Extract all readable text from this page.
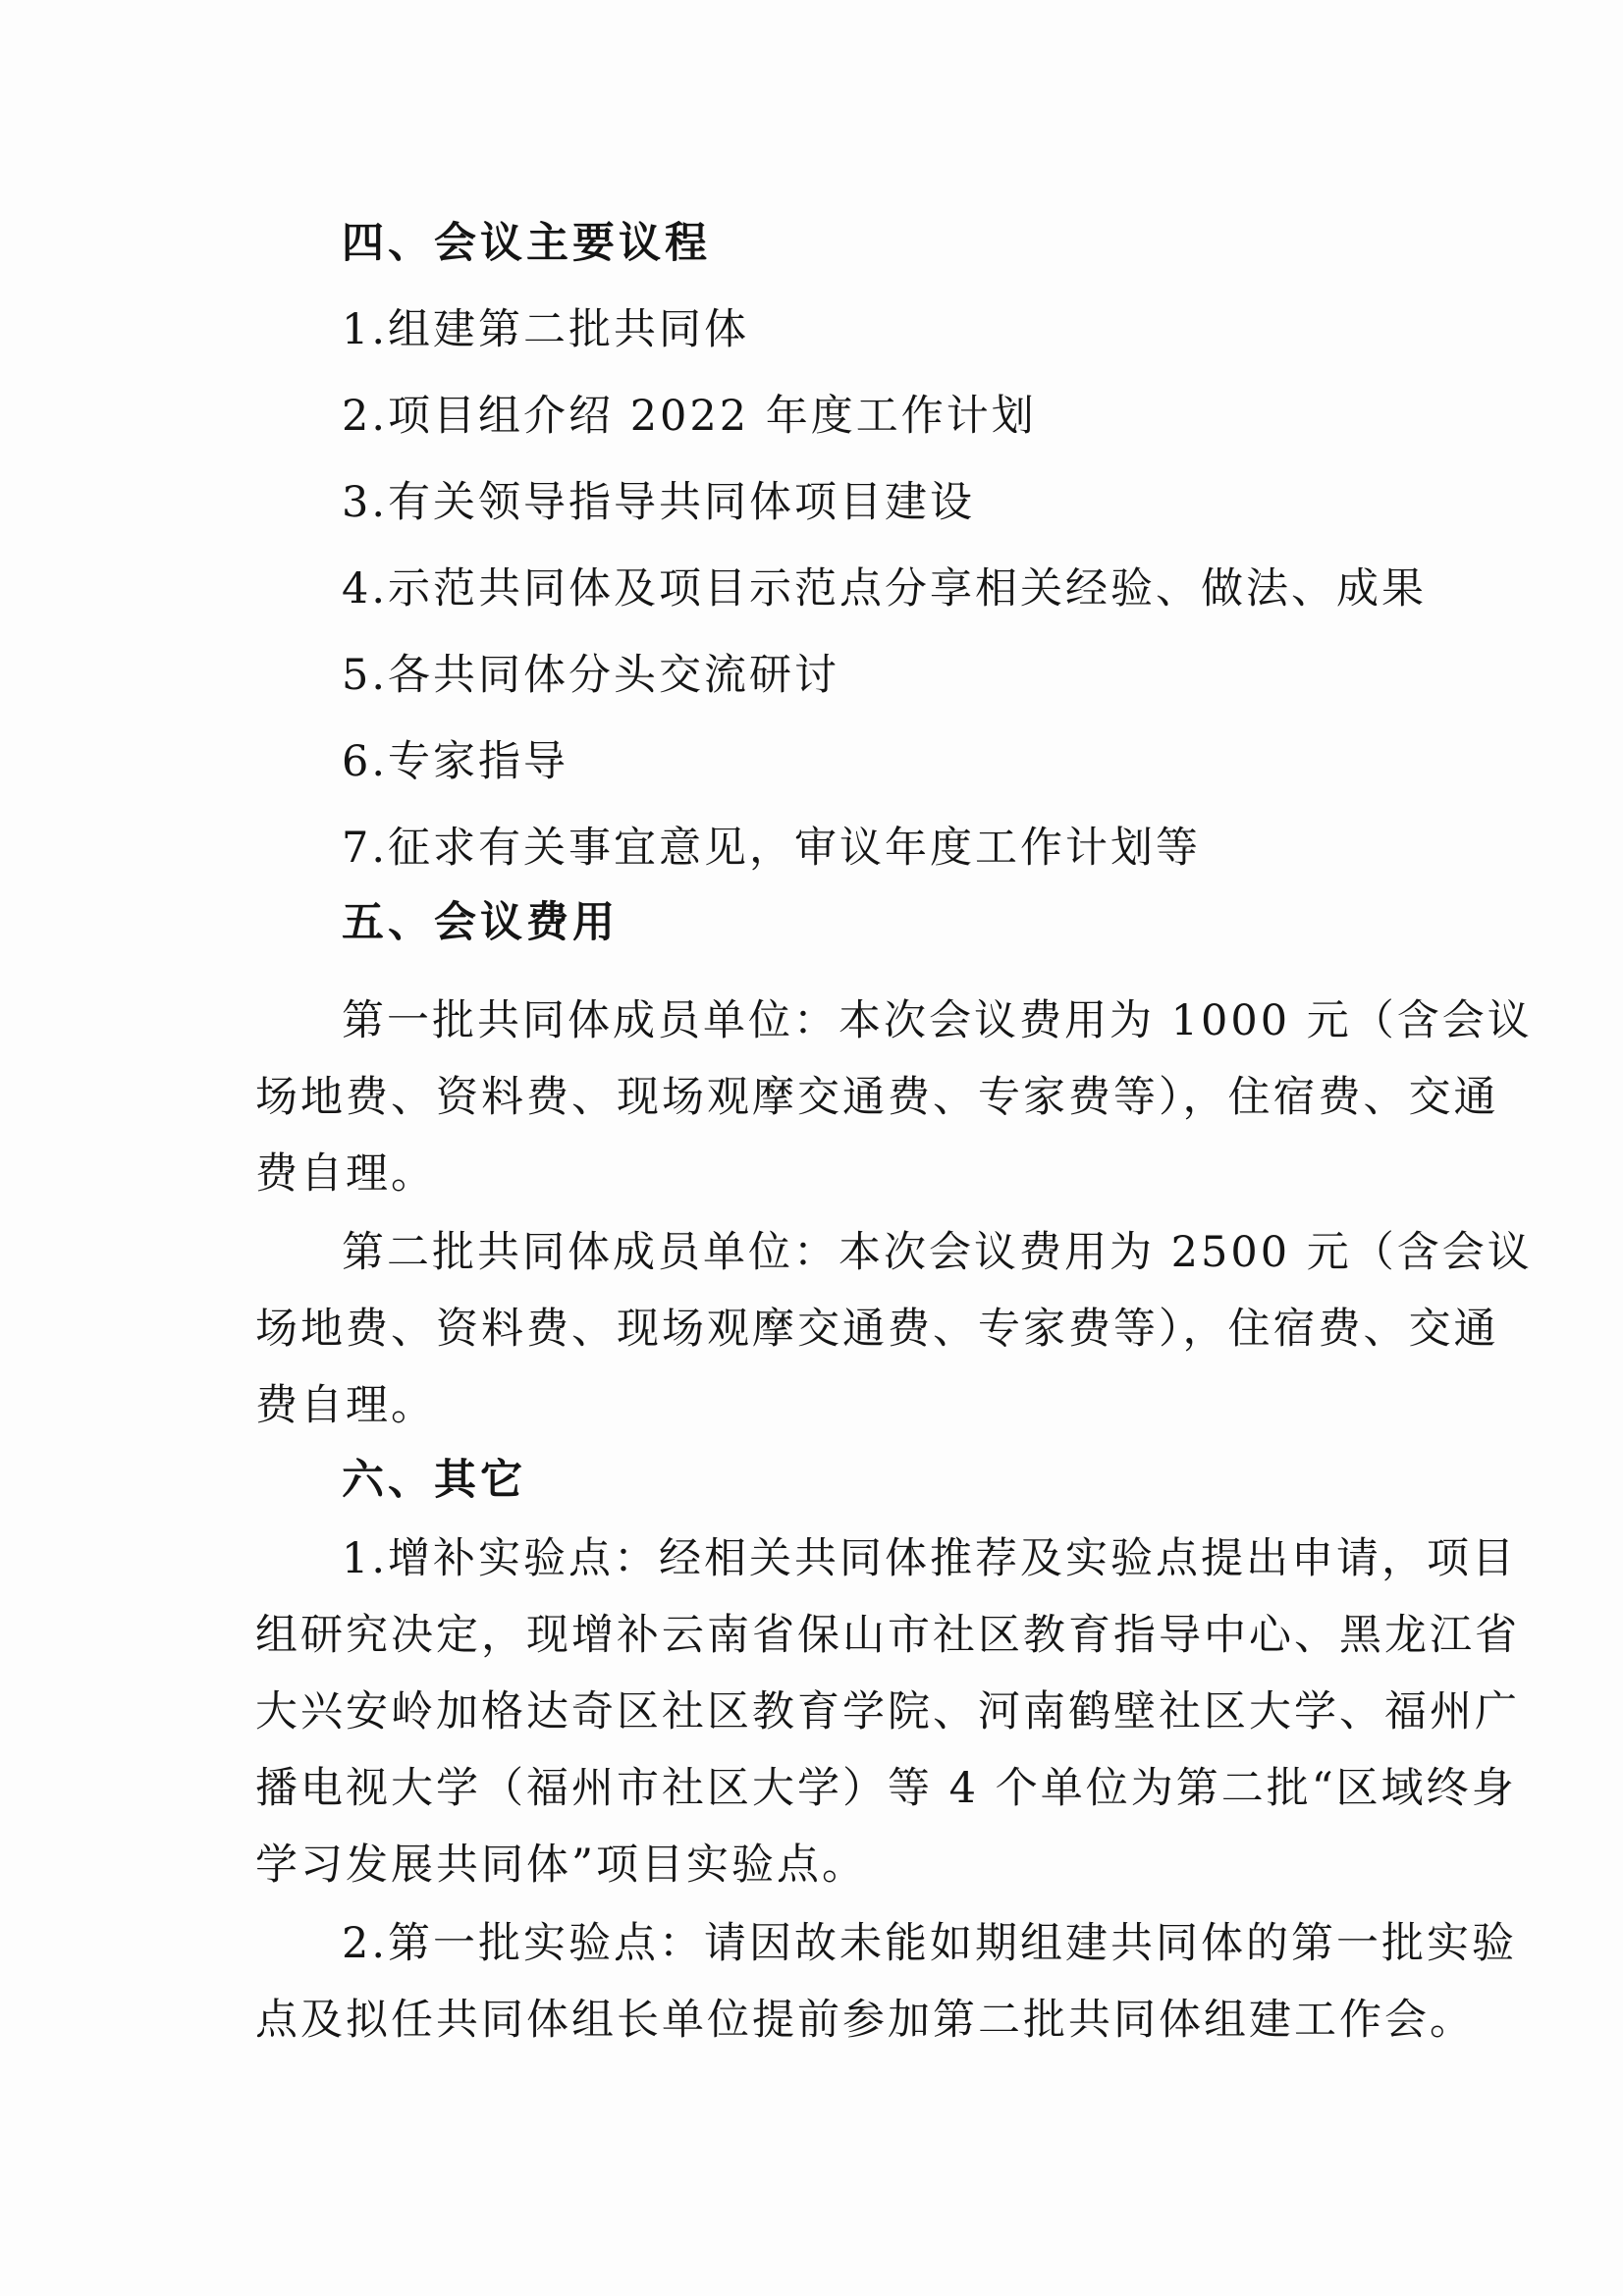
四、会议主要议程
1.组建第二批共同体
2.项目组介绍 2022 年度工作计划
3.有关领导指导共同体项目建设
4.示范共同体及项目示范点分享相关经验、做法、成果
5.各共同体分头交流研讨
6.专家指导
7.征求有关事宜意见，审议年度工作计划等
五、会议费用
第一批共同体成员单位：本次会议费用为 1000 元（含会议
场地费、资料费、现场观摩交通费、专家费等），住宿费、交通
费自理。
第二批共同体成员单位：本次会议费用为 2500 元（含会议
场地费、资料费、现场观摩交通费、专家费等），住宿费、交通
费自理。
六、其它
1.增补实验点：经相关共同体推荐及实验点提出申请，项目
组研究决定，现增补云南省保山市社区教育指导中心、黑龙江省
大兴安岭加格达奇区社区教育学院、河南鹤壁社区大学、福州广
播电视大学（福州市社区大学）等 4 个单位为第二批“区域终身
学习发展共同体”项目实验点。
2.第一批实验点：请因故未能如期组建共同体的第一批实验
点及拟任共同体组长单位提前参加第二批共同体组建工作会。
